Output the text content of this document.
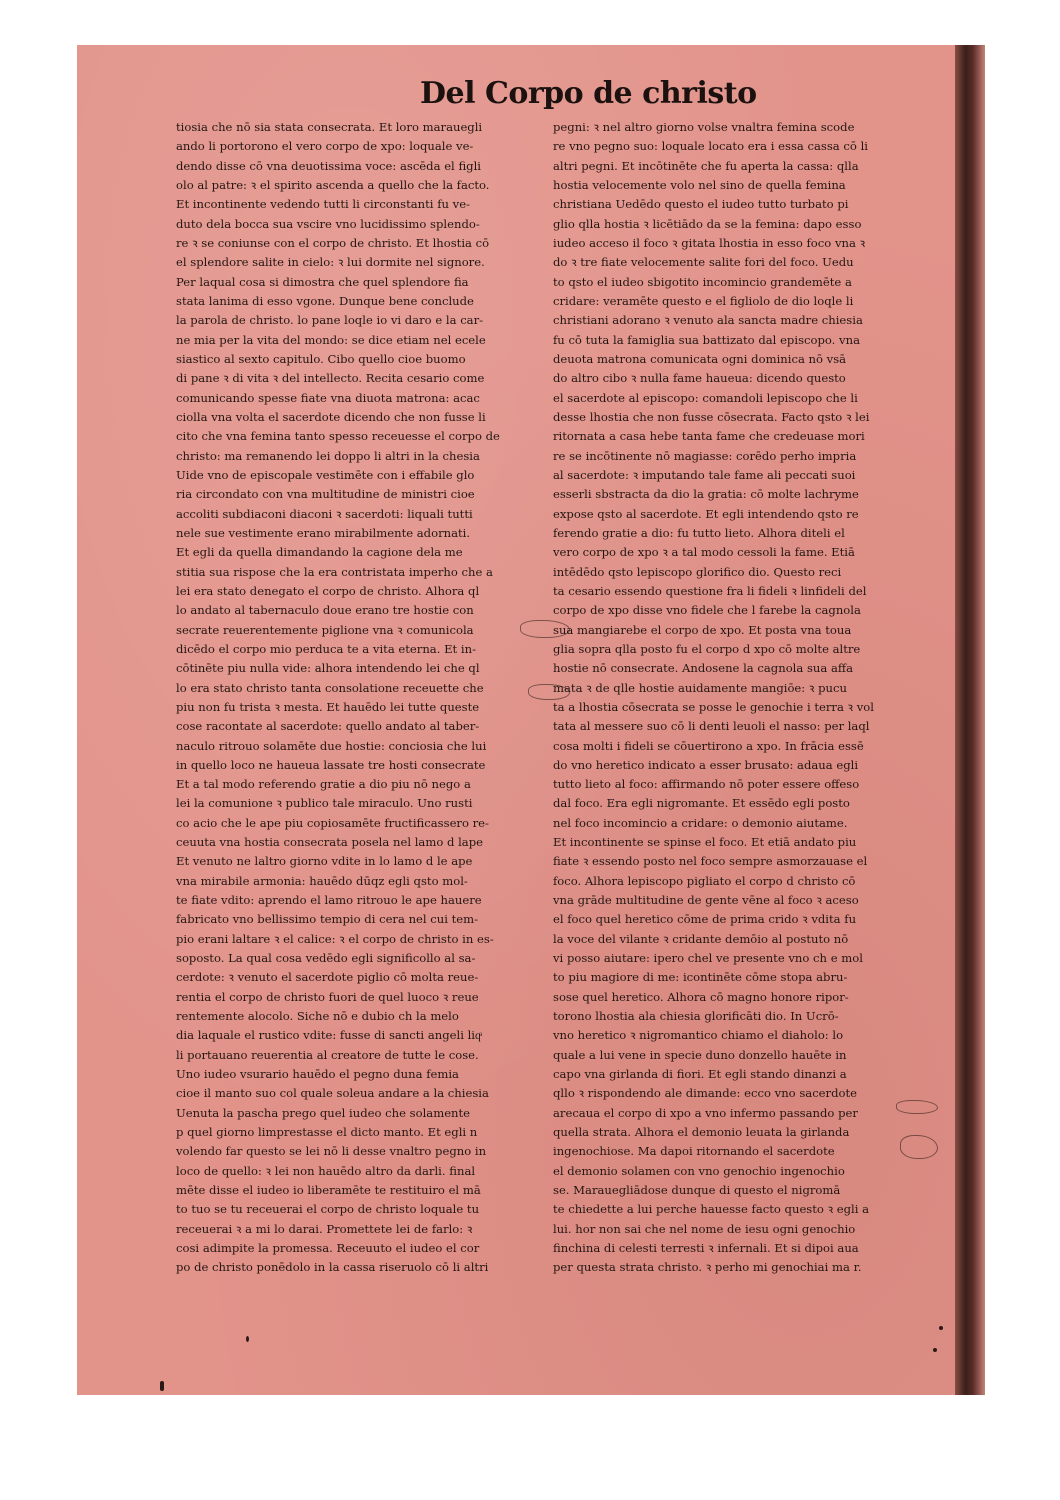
Del Corpo de christo
tiosia che nō sia stata consecrata. Et loro marauegli
ando li portorono el vero corpo de xpo: loquale ve-
dendo disse cō vna deuotissima voce: ascēda el figli
olo al patre: ꝛ el spirito ascenda a quello che la facto.
Et incontinente vedendo tutti li circonstanti fu ve-
duto dela bocca sua vscire vno lucidissimo splendo-
re ꝛ se coniunse con el corpo de christo. Et lhostia cō
el splendore salite in cielo: ꝛ lui dormite nel signore.
Per laqual cosa si dimostra che quel splendore fia
stata lanima di esso vgone. Dunque bene conclude
la parola de christo. lo pane loqle io vi daro e la car-
ne mia per la vita del mondo: se dice etiam nel ecele
siastico al sexto capitulo. Cibo quello cioe buomo
di pane ꝛ di vita ꝛ del intellecto. Recita cesario come
comunicando spesse fiate vna diuota matrona: acac
ciolla vna volta el sacerdote dicendo che non fusse li
cito che vna femina tanto spesso receuesse el corpo de
christo: ma remanendo lei doppo li altri in la chesia
Uide vno de episcopale vestimēte con i effabile glo
ria circondato con vna multitudine de ministri cioe
accoliti subdiaconi diaconi ꝛ sacerdoti: liquali tutti
nele sue vestimente erano mirabilmente adornati.
Et egli da quella dimandando la cagione dela me
stitia sua rispose che la era contristata imperho che a
lei era stato denegato el corpo de christo. Alhora ql
lo andato al tabernaculo doue erano tre hostie con
secrate reuerentemente piglione vna ꝛ comunicola
dicēdo el corpo mio perduca te a vita eterna. Et in-
cōtinēte piu nulla vide: alhora intendendo lei che ql
lo era stato christo tanta consolatione receuette che
piu non fu trista ꝛ mesta. Et hauēdo lei tutte queste
cose racontate al sacerdote: quello andato al taber-
naculo ritrouo solamēte due hostie: conciosia che lui
in quello loco ne haueua lassate tre hosti consecrate
Et a tal modo referendo gratie a dio piu nō nego a
lei la comunione ꝛ publico tale miraculo. Uno rusti
co acio che le ape piu copiosamēte fructificassero re-
ceuuta vna hostia consecrata posela nel lamo d lape
Et venuto ne laltro giorno vdite in lo lamo d le ape
vna mirabile armonia: hauēdo dūqz egli qsto mol-
te fiate vdito: aprendo el lamo ritrouo le ape hauere
fabricato vno bellissimo tempio di cera nel cui tem-
pio erani laltare ꝛ el calice: ꝛ el corpo de christo in es-
soposto. La qual cosa vedēdo egli significollo al sa-
cerdote: ꝛ venuto el sacerdote piglio cō molta reue-
rentia el corpo de christo fuori de quel luoco ꝛ reue
rentemente alocolo. Siche nō e dubio ch la melo
dia laquale el rustico vdite: fusse di sancti angeli liqͣ
li portauano reuerentia al creatore de tutte le cose.
Uno iudeo vsurario hauēdo el pegno duna femia
cioe il manto suo col quale soleua andare a la chiesia
Uenuta la pascha prego quel iudeo che solamente
p quel giorno limprestasse el dicto manto. Et egli n
volendo far questo se lei nō li desse vnaltro pegno in
loco de quello: ꝛ lei non hauēdo altro da darli. final
mēte disse el iudeo io liberamēte te restituiro el mā
to tuo se tu receuerai el corpo de christo loquale tu
receuerai ꝛ a mi lo darai. Promettete lei de farlo: ꝛ
cosi adimpite la promessa. Receuuto el iudeo el cor
po de christo ponēdolo in la cassa riseruolo cō li altri
pegni: ꝛ nel altro giorno volse vnaltra femina scode
re vno pegno suo: loquale locato era i essa cassa cō li
altri pegni. Et incōtinēte che fu aperta la cassa: qlla
hostia velocemente volo nel sino de quella femina
christiana Uedēdo questo el iudeo tutto turbato pi
glio qlla hostia ꝛ licētiādo da se la femina: dapo esso
iudeo acceso il foco ꝛ gitata lhostia in esso foco vna ꝛ
do ꝛ tre fiate velocemente salite fori del foco. Uedu
to qsto el iudeo sbigotito incomincio grandemēte a
cridare: veramēte questo e el figliolo de dio loqle li
christiani adorano ꝛ venuto ala sancta madre chiesia
fu cō tuta la famiglia sua battizato dal episcopo. vna
deuota matrona comunicata ogni dominica nō vsā
do altro cibo ꝛ nulla fame haueua: dicendo questo
el sacerdote al episcopo: comandoli lepiscopo che li
desse lhostia che non fusse cōsecrata. Facto qsto ꝛ lei
ritornata a casa hebe tanta fame che credeuase mori
re se incōtinente nō magiasse: corēdo perho impria
al sacerdote: ꝛ imputando tale fame ali peccati suoi
esserli sbstracta da dio la gratia: cō molte lachryme
expose qsto al sacerdote. Et egli intendendo qsto re
ferendo gratie a dio: fu tutto lieto. Alhora diteli el
vero corpo de xpo ꝛ a tal modo cessoli la fame. Etiā
intēdēdo qsto lepiscopo glorifico dio. Questo reci
ta cesario essendo questione fra li fideli ꝛ linfideli del
corpo de xpo disse vno fidele che l farebe la cagnola
sua mangiarebe el corpo de xpo. Et posta vna toua
glia sopra qlla posto fu el corpo d xpo cō molte altre
hostie nō consecrate. Andosene la cagnola sua affa
mata ꝛ de qlle hostie auidamente mangiōe: ꝛ pucu
ta a lhostia cōsecrata se posse le genochie i terra ꝛ vol
tata al messere suo cō li denti leuoli el nasso: per laql
cosa molti i fideli se cōuertirono a xpo. In frācia essē
do vno heretico indicato a esser brusato: adaua egli
tutto lieto al foco: affirmando nō poter essere offeso
dal foco. Era egli nigromante. Et essēdo egli posto
nel foco incomincio a cridare: o demonio aiutame.
Et incontinente se spinse el foco. Et etiā andato piu
fiate ꝛ essendo posto nel foco sempre asmorzauase el
foco. Alhora lepiscopo pigliato el corpo d christo cō
vna grāde multitudine de gente vēne al foco ꝛ aceso
el foco quel heretico cōme de prima crido ꝛ vdita fu
la voce del vilante ꝛ cridante demōio al postuto nō
vi posso aiutare: ipero chel ve presente vno ch e mol
to piu magiore di me: icontinēte cōme stopa abru-
sose quel heretico. Alhora cō magno honore ripor-
torono lhostia ala chiesia glorificāti dio. In Ucrō-
vno heretico ꝛ nigromantico chiamo el diaholo: lo
quale a lui vene in specie duno donzello hauēte in
capo vna girlanda di fiori. Et egli stando dinanzi a
qllo ꝛ rispondendo ale dimande: ecco vno sacerdote
arecaua el corpo di xpo a vno infermo passando per
quella strata. Alhora el demonio leuata la girlanda
ingenochiose. Ma dapoi ritornando el sacerdote
el demonio solamen con vno genochio ingenochio
se. Marauegliādose dunque di questo el nigromā
te chiedette a lui perche hauesse facto questo ꝛ egli a
lui. hor non sai che nel nome de iesu ogni genochio
finchina di celesti terresti ꝛ infernali. Et si dipoi aua
per questa strata christo. ꝛ perho mi genochiai ma r.
